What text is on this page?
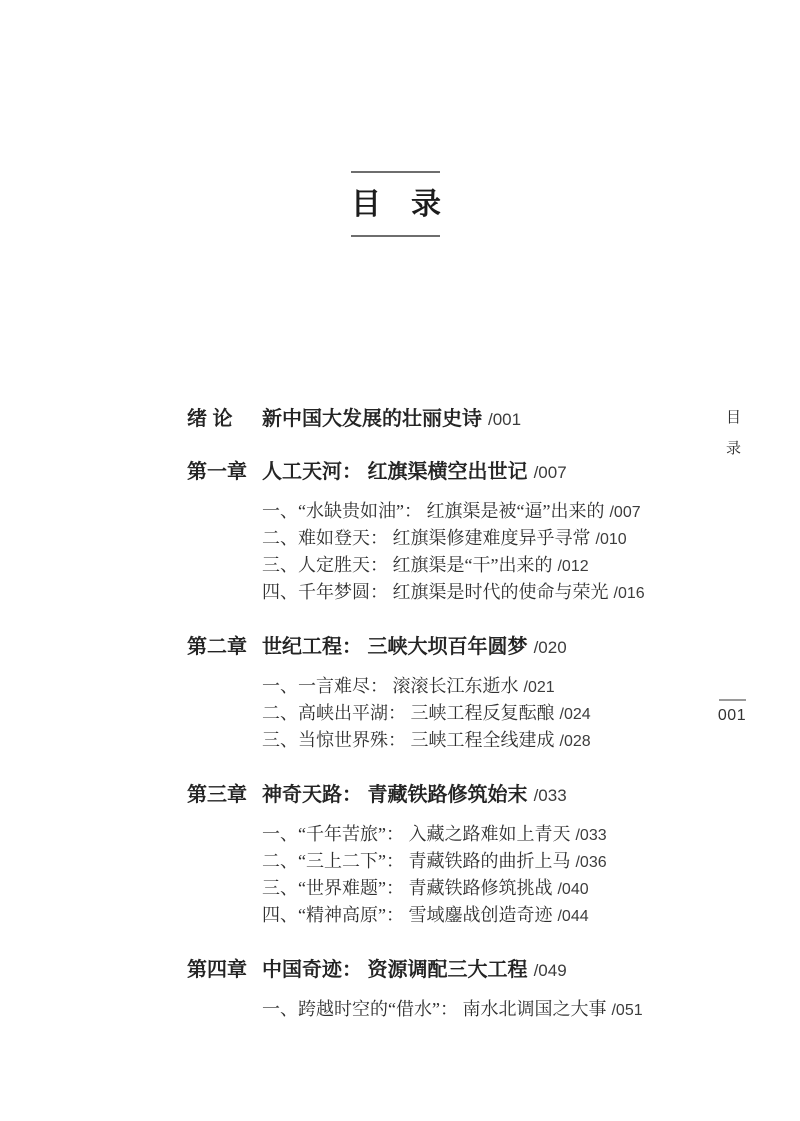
目　录
绪 论	新中国大发展的壮丽史诗 /001
第一章 人工天河： 红旗渠横空出世记 /007
一、“水缺贵如油”： 红旗渠是被“逼”出来的 /007
二、难如登天： 红旗渠修建难度异乎寻常 /010
三、人定胜天： 红旗渠是“干”出来的 /012
四、千年梦圆： 红旗渠是时代的使命与荣光 /016
第二章 世纪工程： 三峡大坝百年圆梦 /020
一、一言难尽： 滚滚长江东逝水 /021
二、高峡出平湖： 三峡工程反复酝酿 /024
三、当惊世界殊： 三峡工程全线建成 /028
第三章 神奇天路： 青藏铁路修筑始末 /033
一、“千年苦旅”： 入藏之路难如上青天 /033
二、“三上二下”： 青藏铁路的曲折上马 /036
三、“世界难题”： 青藏铁路修筑挑战 /040
四、“精神高原”： 雪域鏖战创造奇迹 /044
第四章 中国奇迹： 资源调配三大工程 /049
一、跨越时空的“借水”： 南水北调国之大事 /051
目
录
001
